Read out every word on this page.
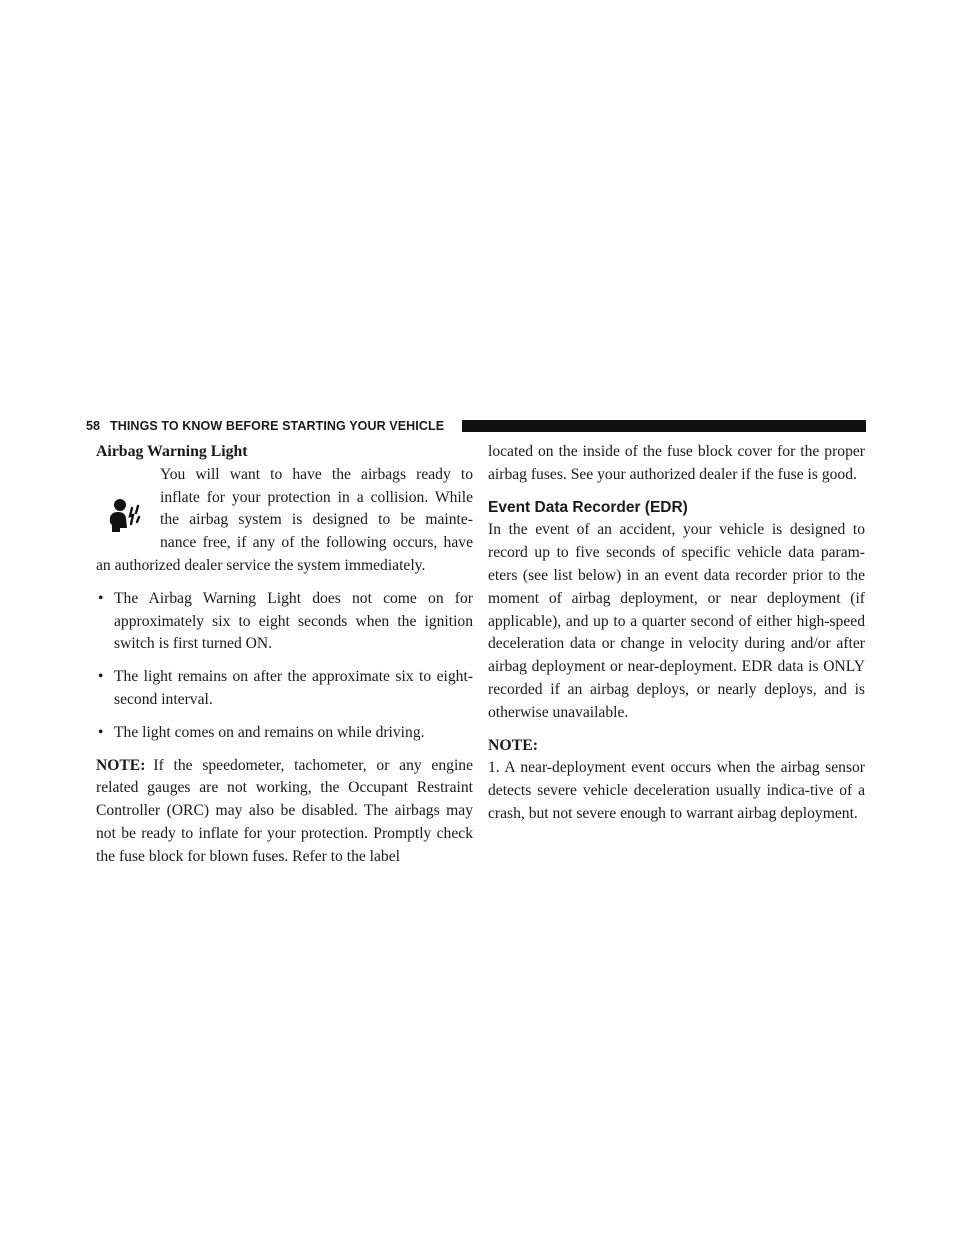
58 THINGS TO KNOW BEFORE STARTING YOUR VEHICLE

Airbag Warning Light

You will want to have the airbags ready to

inflate for your protection in a collision. While

the airbag system is designed to be mainte-

nance free, if any of the following occurs, have

an authorized dealer service the system immediately.

• The Airbag Warning Light does not come on for approximately six to eight seconds when the ignition switch is first turned ON.
• The light remains on after the approximate six to eight-second interval.
• The light comes on and remains on while driving.

NOTE: If the speedometer, tachometer, or any engine related gauges are not working, the Occupant Restraint Controller (ORC) may also be disabled. The airbags may not be ready to inflate for your protection. Promptly check the fuse block for blown fuses. Refer to the label

located on the inside of the fuse block cover for the proper airbag fuses. See your authorized dealer if the fuse is good.

Event Data Recorder (EDR)

In the event of an accident, your vehicle is designed to record up to five seconds of specific vehicle data param-eters (see list below) in an event data recorder prior to the moment of airbag deployment, or near deployment (if applicable), and up to a quarter second of either high-speed deceleration data or change in velocity during and/or after airbag deployment or near-deployment. EDR data is ONLY recorded if an airbag deploys, or nearly deploys, and is otherwise unavailable.

NOTE:

1. A near-deployment event occurs when the airbag sensor detects severe vehicle deceleration usually indica-tive of a crash, but not severe enough to warrant airbag deployment.
